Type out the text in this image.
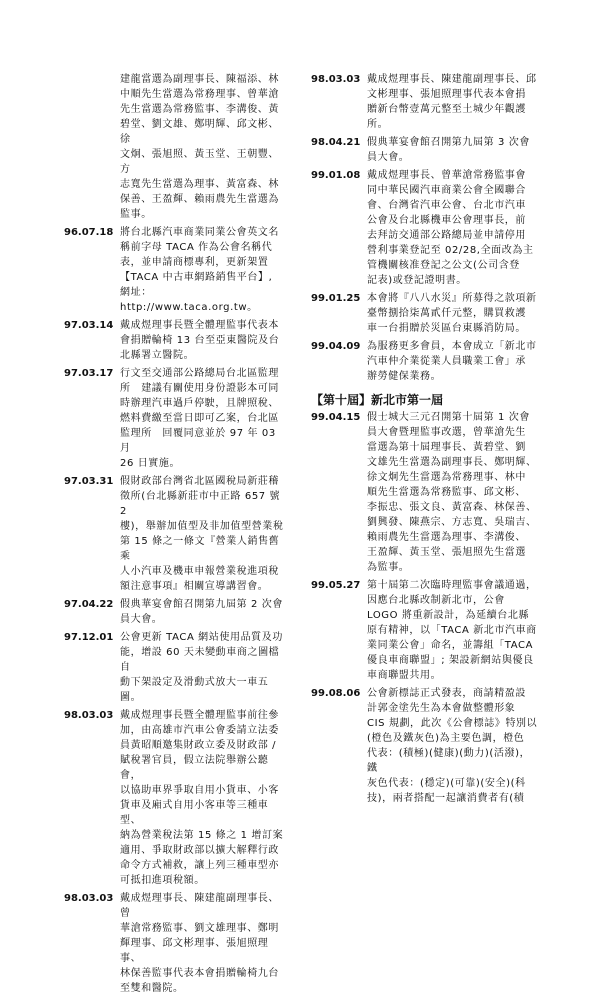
建龍當選為副理事長、陳福添、林
中順先生當選為常務理事、曾華滄
先生當選為常務監事、李溝俊、黃
碧堂、劉文雄、鄭明輝、邱文彬、徐
文炯、張旭照、黃玉堂、王朝豐、方
志寬先生當選為理事、黃富森、林
保善、王盈輝、賴雨農先生當選為
監事。
96.07.18 將台北縣汽車商業同業公會英文名
稱前字母 TACA 作為公會名稱代
表，並申請商標專利，更新架置
【TACA 中古車網路銷售平台】,
網址：http://www.taca.org.tw。
97.03.14 戴成煜理事長暨全體理監事代表本
會捐贈輪椅 13 台至亞東醫院及台
北縣署立醫院。
97.03.17 行文至交通部公路總局台北區監理
所　建議有關使用身份證影本可同
時辦理汽車過戶停駛，且牌照稅、
燃料費繳至當日即可乙案，台北區
監理所　回覆同意並於 97 年 03 月
26 日實施。
97.03.31 假財政部台灣省北區國稅局新莊稽
徵所(台北縣新莊市中正路 657 號 2
樓)，舉辦加值型及非加值型營業稅
第 15 條之一條文『營業人銷售舊乘
人小汽車及機車申報營業稅進項稅
額注意事項』相關宣導講習會。
97.04.22 假典華宴會館召開第九屆第 2 次會
員大會。
97.12.01 公會更新 TACA 網站使用品質及功
能，增設 60 天未變動車商之圖檔自
動下架設定及滑動式放大一車五圖。
98.03.03 戴成煜理事長暨全體理監事前往參
加，由高雄市汽車公會委請立法委
員黃昭順邀集財政立委及財政部 /
賦稅署官員，假立法院舉辦公聽會，
以協助車界爭取自用小貨車、小客
貨車及廂式自用小客車等三種車型、
納為營業稅法第 15 條之 1 增訂案
適用、爭取財政部以擴大解釋行政
命令方式補救，讓上列三種車型亦
可抵扣進項稅額。
98.03.03 戴成煜理事長、陳建龍副理事長、曾
華滄常務監事、劉文雄理事、鄭明
輝理事、邱文彬理事、張旭照理事、
林保善監事代表本會捐贈輪椅九台
至雙和醫院。
98.03.03 戴成煜理事長、陳建龍副理事長、邱
文彬理事、張旭照理事代表本會捐
贈新台幣壹萬元整至土城少年觀護
所。
98.04.21 假典華宴會館召開第九屆第 3 次會
員大會。
99.01.08 戴成煜理事長、曾華滄常務監事會
同中華民國汽車商業公會全國聯合
會、台灣省汽車公會、台北市汽車
公會及台北縣機車公會理事長，前
去拜訪交通部公路總局並申請停用
營利事業登記至 02/28,全面改為主
管機關核准登記之公文(公司含登
記表)或登記證明書。
99.01.25 本會將『八八水災』所募得之款項新
臺幣捌拾柒萬貳仟元整，購買救護
車一台捐贈於災區台東縣消防局。
99.04.09 為服務更多會員，本會成立「新北市
汽車仲介業從業人員職業工會」承
辦勞健保業務。
【第十屆】新北市第一屆
99.04.15 假士城大三元召開第十屆第 1 次會
員大會暨理監事改選，曾華滄先生
當選為第十屆理事長、黃碧堂、劉
文雄先生當選為副理事長、鄭明輝、
徐文炯先生當選為常務理事、林中
順先生當選為常務監事、邱文彬、
李振忠、張文良、黃富森、林保善、
劉興發、陳燕宗、方志寬、吳瑞吉、
賴雨農先生當選為理事、李溝俊、
王盈輝、黃玉堂、張旭照先生當選
為監事。
99.05.27 第十屆第二次臨時理監事會議通過，
因應台北縣改制新北市，公會
LOGO 將重新設計，為延續台北縣
原有精神，以「TACA 新北市汽車商
業同業公會」命名，並籌組「TACA
優良車商聯盟」; 架設新網站與優良
車商聯盟共用。
99.08.06 公會新標誌正式發表，商請精盈設
計郭金塗先生為本會做整體形象
CIS 規劃，此次《公會標誌》特別以
(橙色及鐵灰色)為主要色調，橙色
代表：(積極)(健康)(動力)(活潑)，鐵
灰色代表：(穩定)(可靠)(安全)(科
技)，兩者搭配一起讓消費者有(積
